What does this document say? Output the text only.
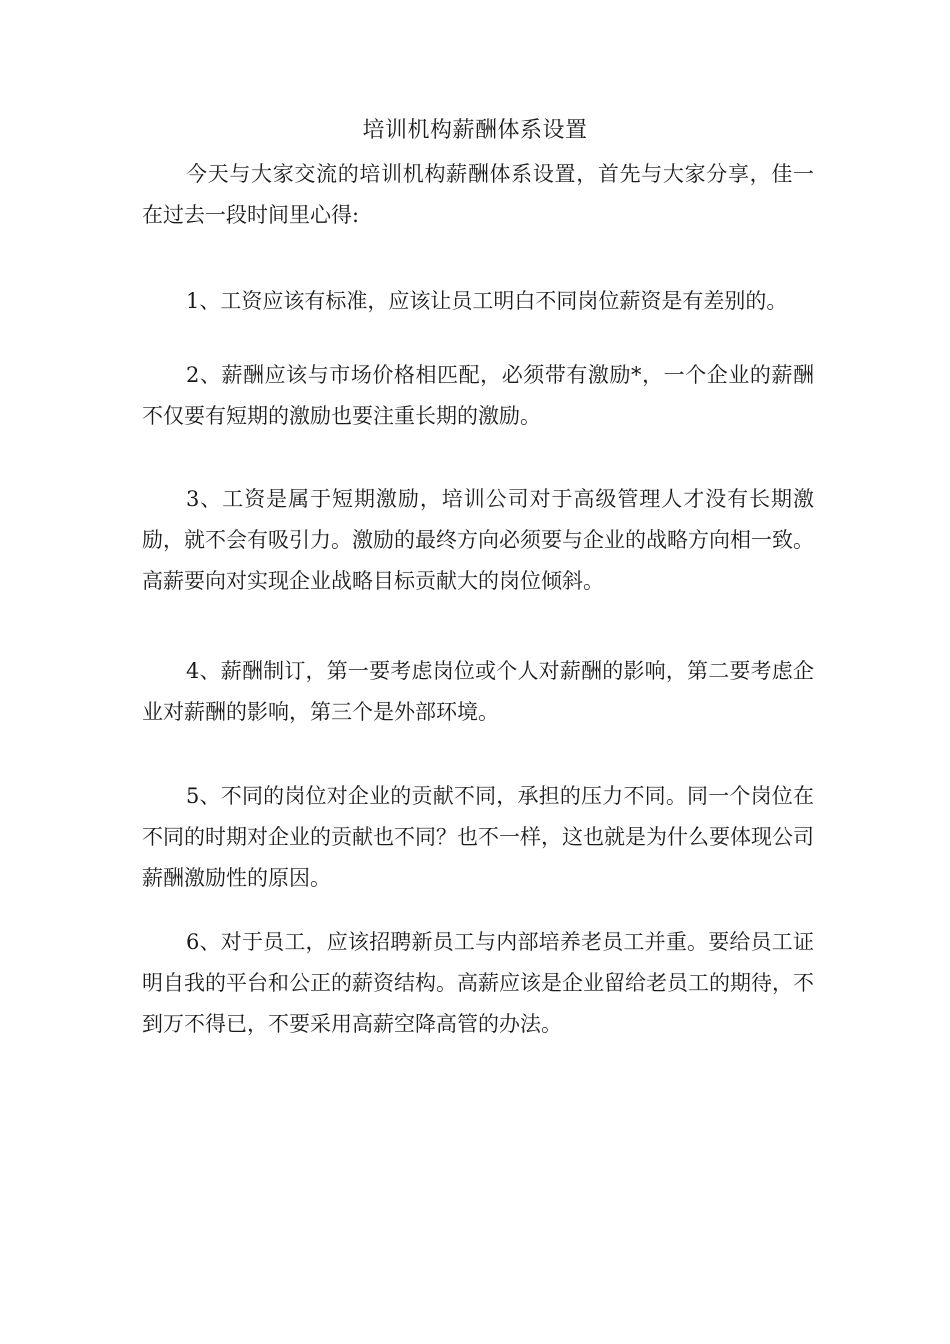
培训机构薪酬体系设置

今天与大家交流的培训机构薪酬体系设置，首先与大家分享，佳一在过去一段时间里心得:

1、工资应该有标准，应该让员工明白不同岗位薪资是有差别的。

2、薪酬应该与市场价格相匹配，必须带有激励*，一个企业的薪酬不仅要有短期的激励也要注重长期的激励。

3、工资是属于短期激励，培训公司对于高级管理人才没有长期激励，就不会有吸引力。激励的最终方向必须要与企业的战略方向相一致。高薪要向对实现企业战略目标贡献大的岗位倾斜。

4、薪酬制订，第一要考虑岗位或个人对薪酬的影响，第二要考虑企业对薪酬的影响，第三个是外部环境。

5、不同的岗位对企业的贡献不同，承担的压力不同。同一个岗位在不同的时期对企业的贡献也不同？也不一样，这也就是为什么要体现公司薪酬激励性的原因。

6、对于员工，应该招聘新员工与内部培养老员工并重。要给员工证明自我的平台和公正的薪资结构。高薪应该是企业留给老员工的期待，不到万不得已，不要采用高薪空降高管的办法。
